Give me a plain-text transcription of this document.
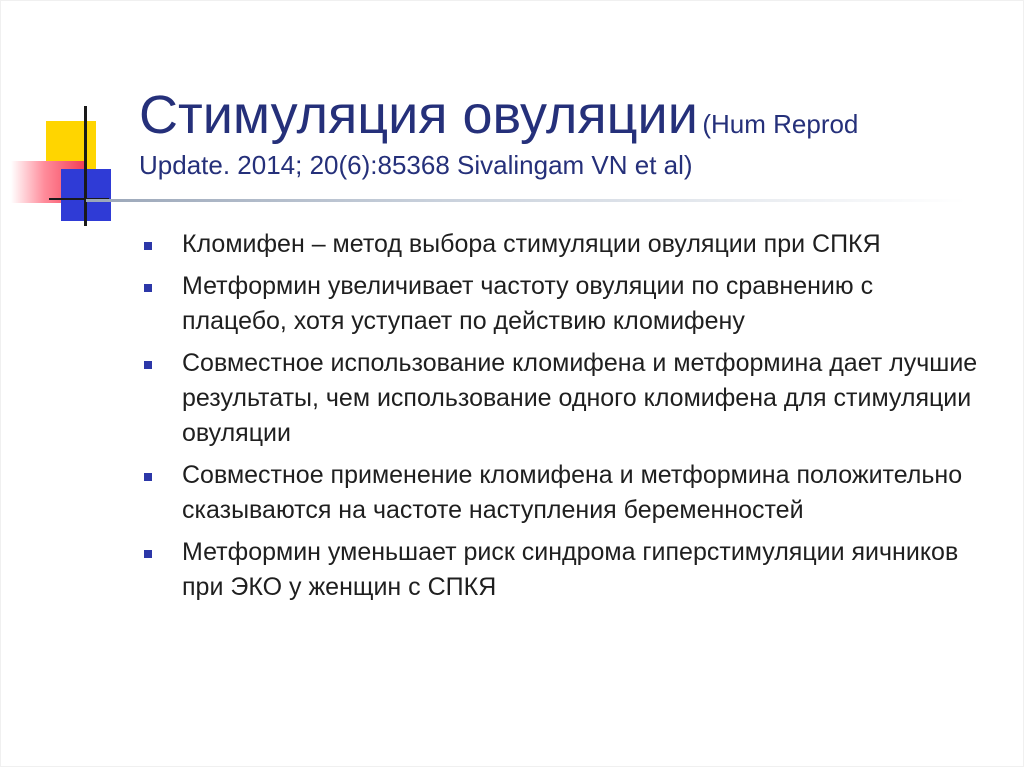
Стимуляция овуляции (Hum Reprod
Update. 2014; 20(6):85368 Sivalingam VN et al)
Кломифен – метод выбора стимуляции овуляции при СПКЯ
Метформин увеличивает частоту овуляции по сравнению с плацебо, хотя уступает по действию кломифену
Совместное использование кломифена и метформина дает лучшие результаты, чем использование одного кломифена для стимуляции овуляции
Совместное применение кломифена и метформина положительно сказываются на частоте наступления беременностей
Метформин уменьшает риск синдрома гиперстимуляции яичников при ЭКО у женщин с СПКЯ
